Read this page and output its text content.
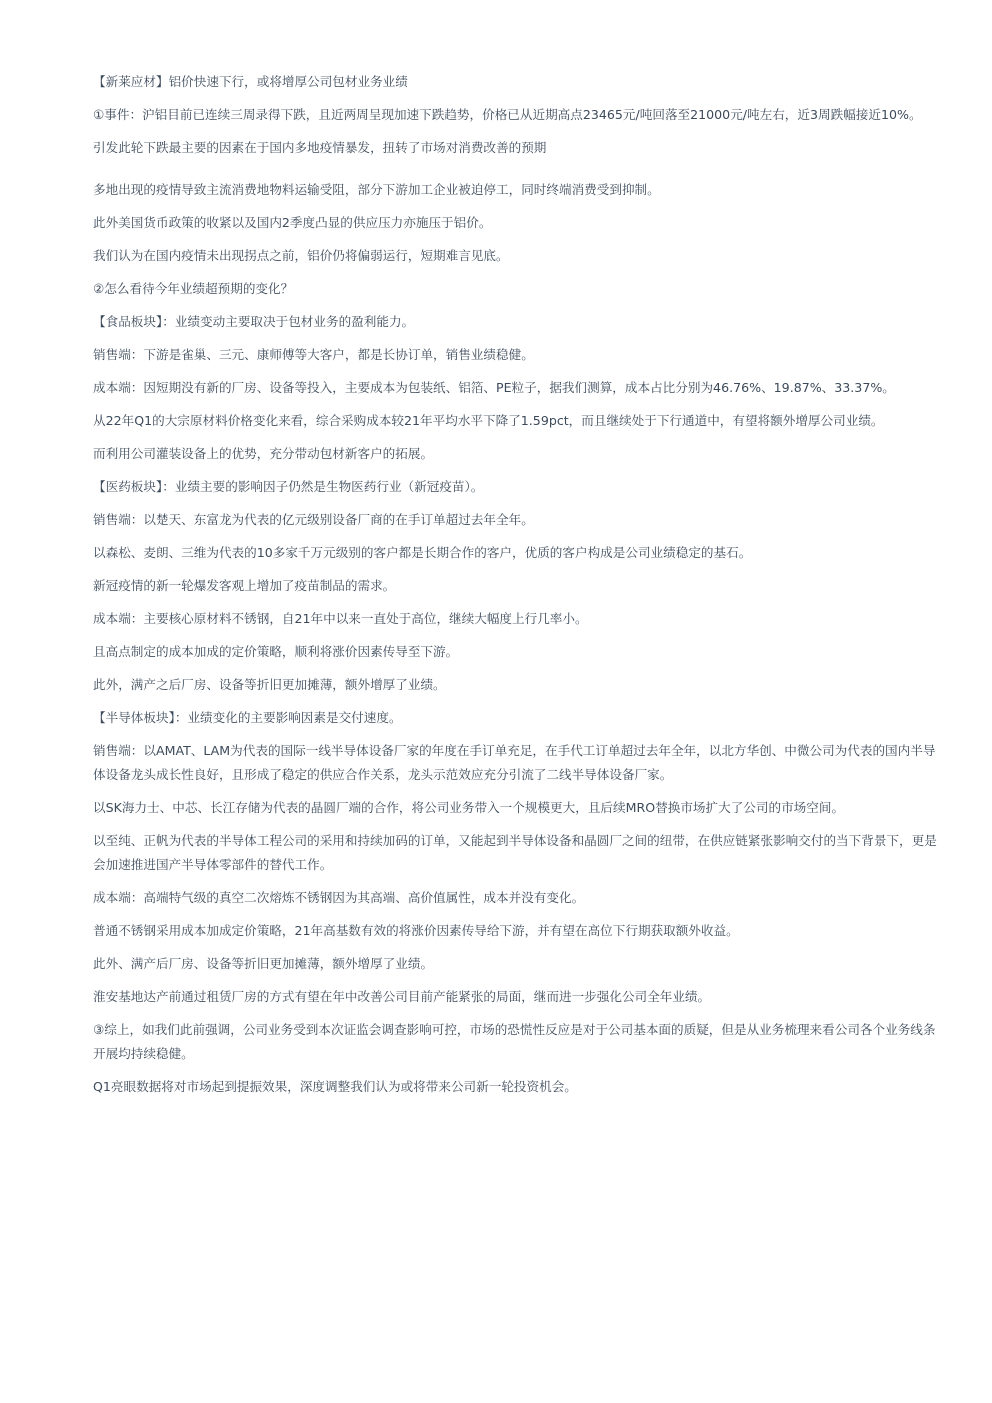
【新莱应材】铝价快速下行，或将增厚公司包材业务业绩

①事件：沪铝目前已连续三周录得下跌，且近两周呈现加速下跌趋势，价格已从近期高点23465元/吨回落至21000元/吨左右，近3周跌幅接近10%。

引发此轮下跌最主要的因素在于国内多地疫情暴发，扭转了市场对消费改善的预期

多地出现的疫情导致主流消费地物料运输受阻，部分下游加工企业被迫停工，同时终端消费受到抑制。

此外美国货币政策的收紧以及国内2季度凸显的供应压力亦施压于铝价。

我们认为在国内疫情未出现拐点之前，铝价仍将偏弱运行，短期难言见底。

②怎么看待今年业绩超预期的变化？

【食品板块】：业绩变动主要取决于包材业务的盈利能力。

销售端：下游是雀巢、三元、康师傅等大客户，都是长协订单，销售业绩稳健。

成本端：因短期没有新的厂房、设备等投入，主要成本为包装纸、铝箔、PE粒子，据我们测算，成本占比分别为46.76%、19.87%、33.37%。

从22年Q1的大宗原材料价格变化来看，综合采购成本较21年平均水平下降了1.59pct，而且继续处于下行通道中，有望将额外增厚公司业绩。

而利用公司灌装设备上的优势，充分带动包材新客户的拓展。

【医药板块】：业绩主要的影响因子仍然是生物医药行业（新冠疫苗）。

销售端：以楚天、东富龙为代表的亿元级别设备厂商的在手订单超过去年全年。

以森松、麦朗、三维为代表的10多家千万元级别的客户都是长期合作的客户，优质的客户构成是公司业绩稳定的基石。

新冠疫情的新一轮爆发客观上增加了疫苗制品的需求。

成本端：主要核心原材料不锈钢，自21年中以来一直处于高位，继续大幅度上行几率小。

且高点制定的成本加成的定价策略，顺利将涨价因素传导至下游。

此外，满产之后厂房、设备等折旧更加摊薄，额外增厚了业绩。

【半导体板块】：业绩变化的主要影响因素是交付速度。

销售端：以AMAT、LAM为代表的国际一线半导体设备厂家的年度在手订单充足，在手代工订单超过去年全年，以北方华创、中微公司为代表的国内半导体设备龙头成长性良好，且形成了稳定的供应合作关系，龙头示范效应充分引流了二线半导体设备厂家。

以SK海力士、中芯、长江存储为代表的晶圆厂端的合作，将公司业务带入一个规模更大，且后续MRO替换市场扩大了公司的市场空间。

以至纯、正帆为代表的半导体工程公司的采用和持续加码的订单，又能起到半导体设备和晶圆厂之间的纽带，在供应链紧张影响交付的当下背景下，更是会加速推进国产半导体零部件的替代工作。

成本端：高端特气级的真空二次熔炼不锈钢因为其高端、高价值属性，成本并没有变化。

普通不锈钢采用成本加成定价策略，21年高基数有效的将涨价因素传导给下游，并有望在高位下行期获取额外收益。

此外、满产后厂房、设备等折旧更加摊薄，额外增厚了业绩。

淮安基地达产前通过租赁厂房的方式有望在年中改善公司目前产能紧张的局面，继而进一步强化公司全年业绩。

③综上，如我们此前强调，公司业务受到本次证监会调查影响可控，市场的恐慌性反应是对于公司基本面的质疑，但是从业务梳理来看公司各个业务线条开展均持续稳健。

Q1亮眼数据将对市场起到提振效果，深度调整我们认为或将带来公司新一轮投资机会。
